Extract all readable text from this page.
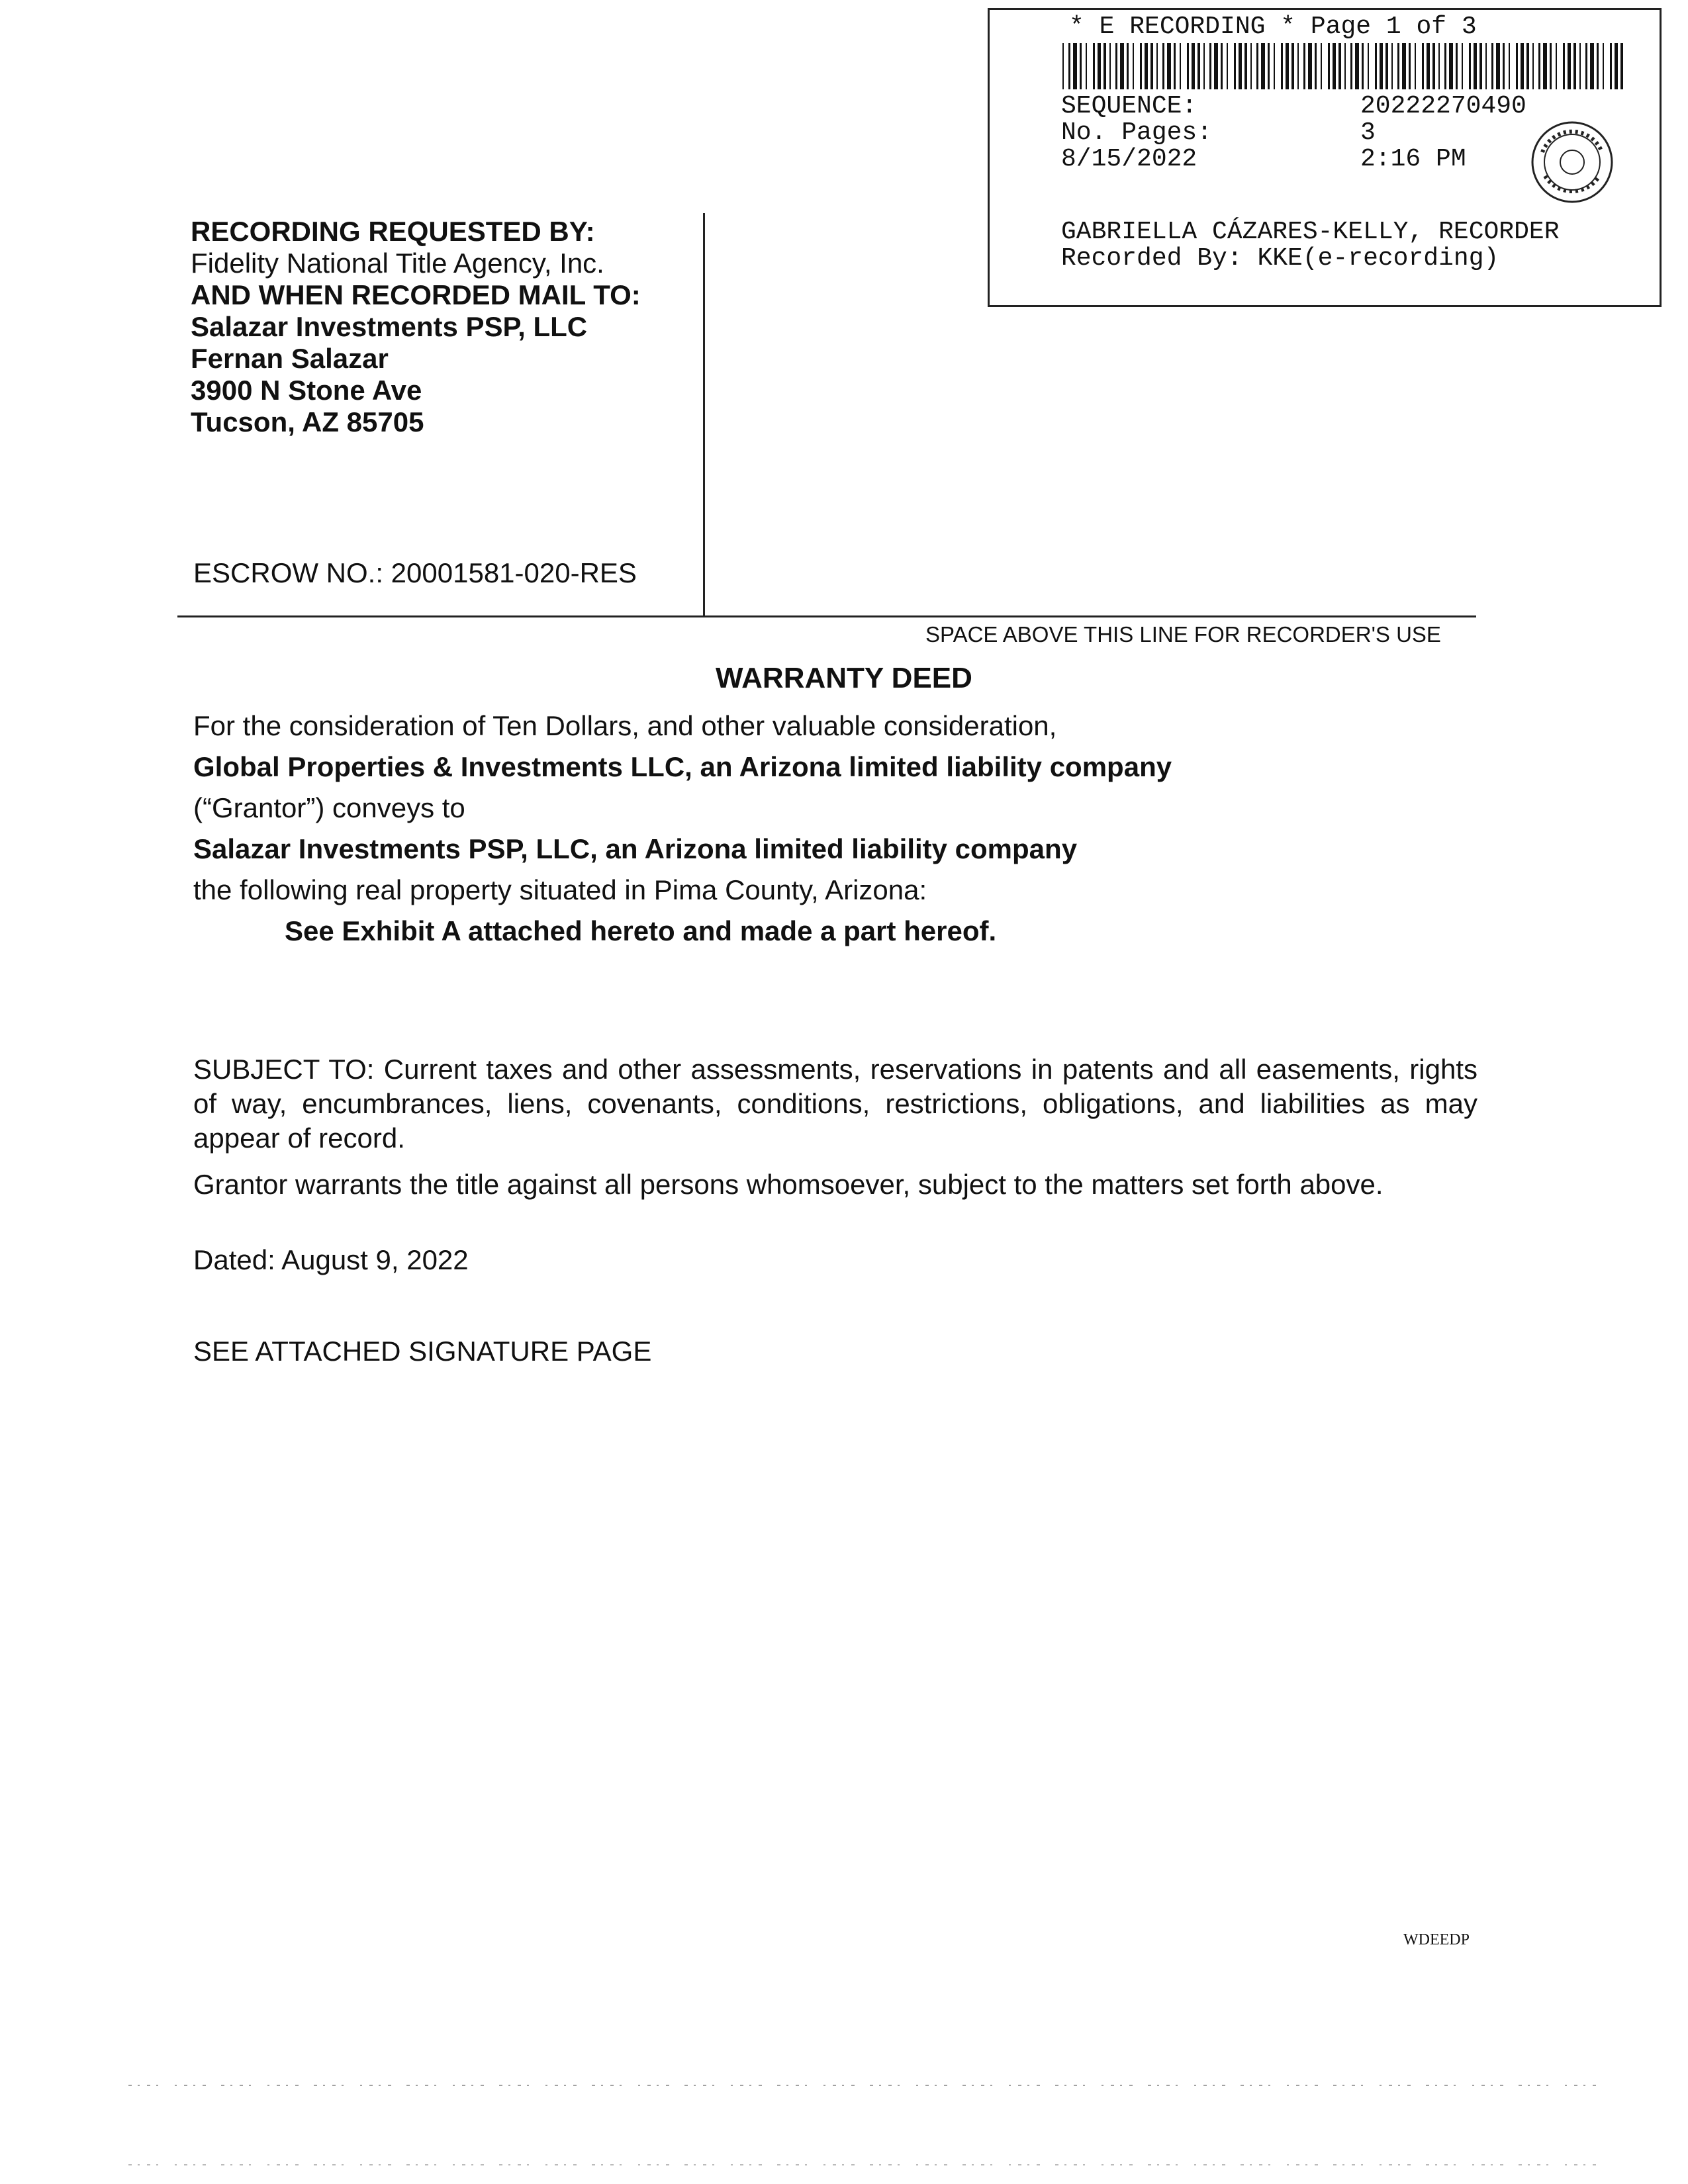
* E RECORDING * Page 1 of 3
SEQUENCE:	20222270490
No. Pages:	3
8/15/2022	2:16 PM
GABRIELLA CÁZARES-KELLY, RECORDER
Recorded By: KKE(e-recording)
RECORDING REQUESTED BY:
Fidelity National Title Agency, Inc.
AND WHEN RECORDED MAIL TO:
Salazar Investments PSP, LLC
Fernan Salazar
3900 N Stone Ave
Tucson, AZ 85705
ESCROW NO.: 20001581-020-RES
SPACE ABOVE THIS LINE FOR RECORDER'S USE
WARRANTY DEED
For the consideration of Ten Dollars, and other valuable consideration,
Global Properties & Investments LLC, an Arizona limited liability company
(“Grantor”) conveys to
Salazar Investments PSP, LLC, an Arizona limited liability company
the following real property situated in Pima County, Arizona:
See Exhibit A attached hereto and made a part hereof.
SUBJECT TO: Current taxes and other assessments, reservations in patents and all easements, rights of way, encumbrances, liens, covenants, conditions, restrictions, obligations, and liabilities as may appear of record.
Grantor warrants the title against all persons whomsoever, subject to the matters set forth above.
Dated: August 9, 2022
SEE ATTACHED SIGNATURE PAGE
WDEEDP
